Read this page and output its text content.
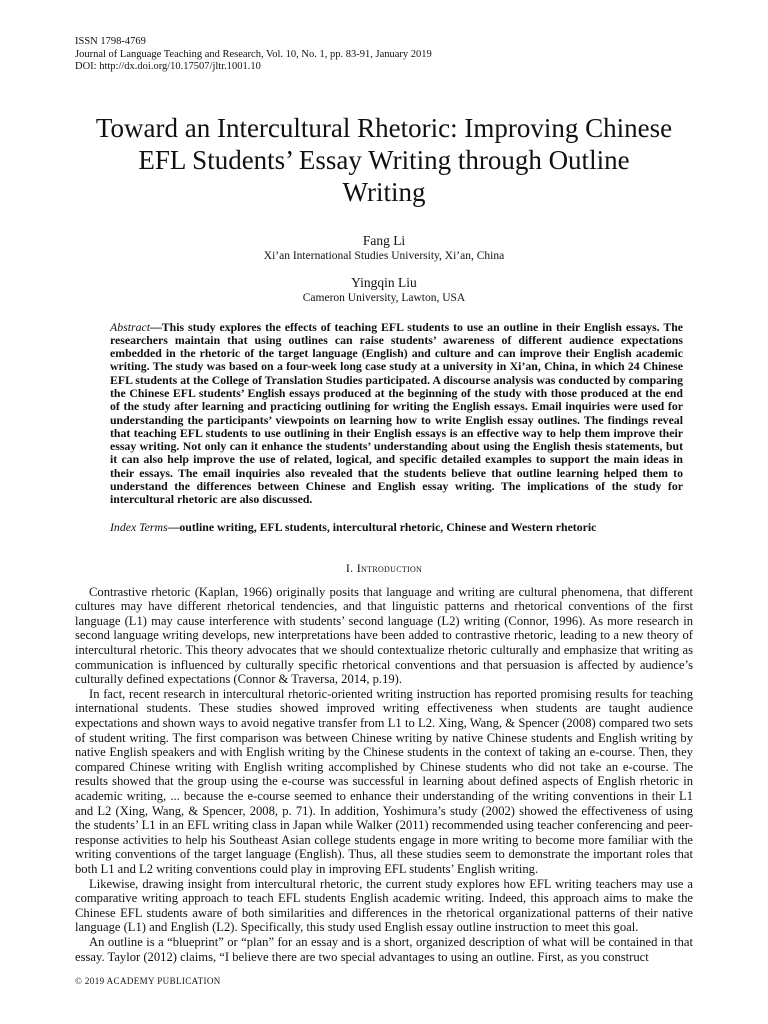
ISSN 1798-4769
Journal of Language Teaching and Research, Vol. 10, No. 1, pp. 83-91, January 2019
DOI: http://dx.doi.org/10.17507/jltr.1001.10
Toward an Intercultural Rhetoric: Improving Chinese EFL Students’ Essay Writing through Outline Writing
Fang Li
Xi’an International Studies University, Xi’an, China
Yingqin Liu
Cameron University, Lawton, USA
Abstract—This study explores the effects of teaching EFL students to use an outline in their English essays. The researchers maintain that using outlines can raise students’ awareness of different audience expectations embedded in the rhetoric of the target language (English) and culture and can improve their English academic writing. The study was based on a four-week long case study at a university in Xi’an, China, in which 24 Chinese EFL students at the College of Translation Studies participated. A discourse analysis was conducted by comparing the Chinese EFL students’ English essays produced at the beginning of the study with those produced at the end of the study after learning and practicing outlining for writing the English essays. Email inquiries were used for understanding the participants’ viewpoints on learning how to write English essay outlines. The findings reveal that teaching EFL students to use outlining in their English essays is an effective way to help them improve their essay writing. Not only can it enhance the students’ understanding about using the English thesis statements, but it can also help improve the use of related, logical, and specific detailed examples to support the main ideas in their essays. The email inquiries also revealed that the students believe that outline learning helped them to understand the differences between Chinese and English essay writing. The implications of the study for intercultural rhetoric are also discussed.
Index Terms—outline writing, EFL students, intercultural rhetoric, Chinese and Western rhetoric
I. Introduction

Contrastive rhetoric (Kaplan, 1966) originally posits that language and writing are cultural phenomena, that different cultures may have different rhetorical tendencies, and that linguistic patterns and rhetorical conventions of the first language (L1) may cause interference with students’ second language (L2) writing (Connor, 1996). As more research in second language writing develops, new interpretations have been added to contrastive rhetoric, leading to a new theory of intercultural rhetoric. This theory advocates that we should contextualize rhetoric culturally and emphasize that writing as communication is influenced by culturally specific rhetorical conventions and that persuasion is affected by audience’s culturally defined expectations (Connor & Traversa, 2014, p.19).

In fact, recent research in intercultural rhetoric-oriented writing instruction has reported promising results for teaching international students. These studies showed improved writing effectiveness when students are taught audience expectations and shown ways to avoid negative transfer from L1 to L2. Xing, Wang, & Spencer (2008) compared two sets of student writing. The first comparison was between Chinese writing by native Chinese students and English writing by native English speakers and with English writing by the Chinese students in the context of taking an e-course. Then, they compared Chinese writing with English writing accomplished by Chinese students who did not take an e-course. The results showed that the group using the e-course was successful in learning about defined aspects of English rhetoric in academic writing, ... because the e-course seemed to enhance their understanding of the writing conventions in their L1 and L2 (Xing, Wang, & Spencer, 2008, p. 71). In addition, Yoshimura’s study (2002) showed the effectiveness of using the students’ L1 in an EFL writing class in Japan while Walker (2011) recommended using teacher conferencing and peer-response activities to help his Southeast Asian college students engage in more writing to become more familiar with the writing conventions of the target language (English). Thus, all these studies seem to demonstrate the important roles that both L1 and L2 writing conventions could play in improving EFL students’ English writing.

Likewise, drawing insight from intercultural rhetoric, the current study explores how EFL writing teachers may use a comparative writing approach to teach EFL students English academic writing. Indeed, this approach aims to make the Chinese EFL students aware of both similarities and differences in the rhetorical organizational patterns of their native language (L1) and English (L2). Specifically, this study used English essay outline instruction to meet this goal.

An outline is a “blueprint” or “plan” for an essay and is a short, organized description of what will be contained in that essay. Taylor (2012) claims, “I believe there are two special advantages to using an outline. First, as you construct

© 2019 ACADEMY PUBLICATION
